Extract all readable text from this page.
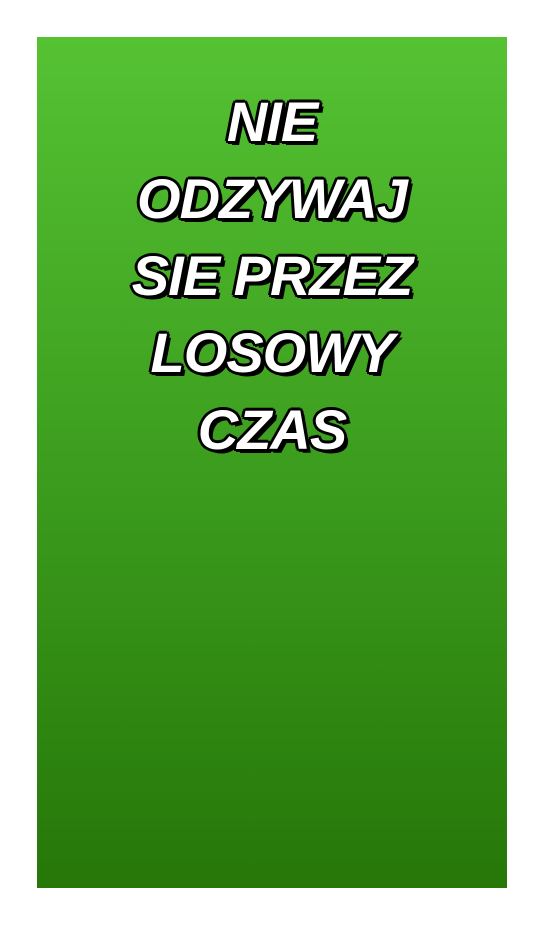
NIE
ODZYWAJ
SIE PRZEZ
LOSOWY
CZAS
